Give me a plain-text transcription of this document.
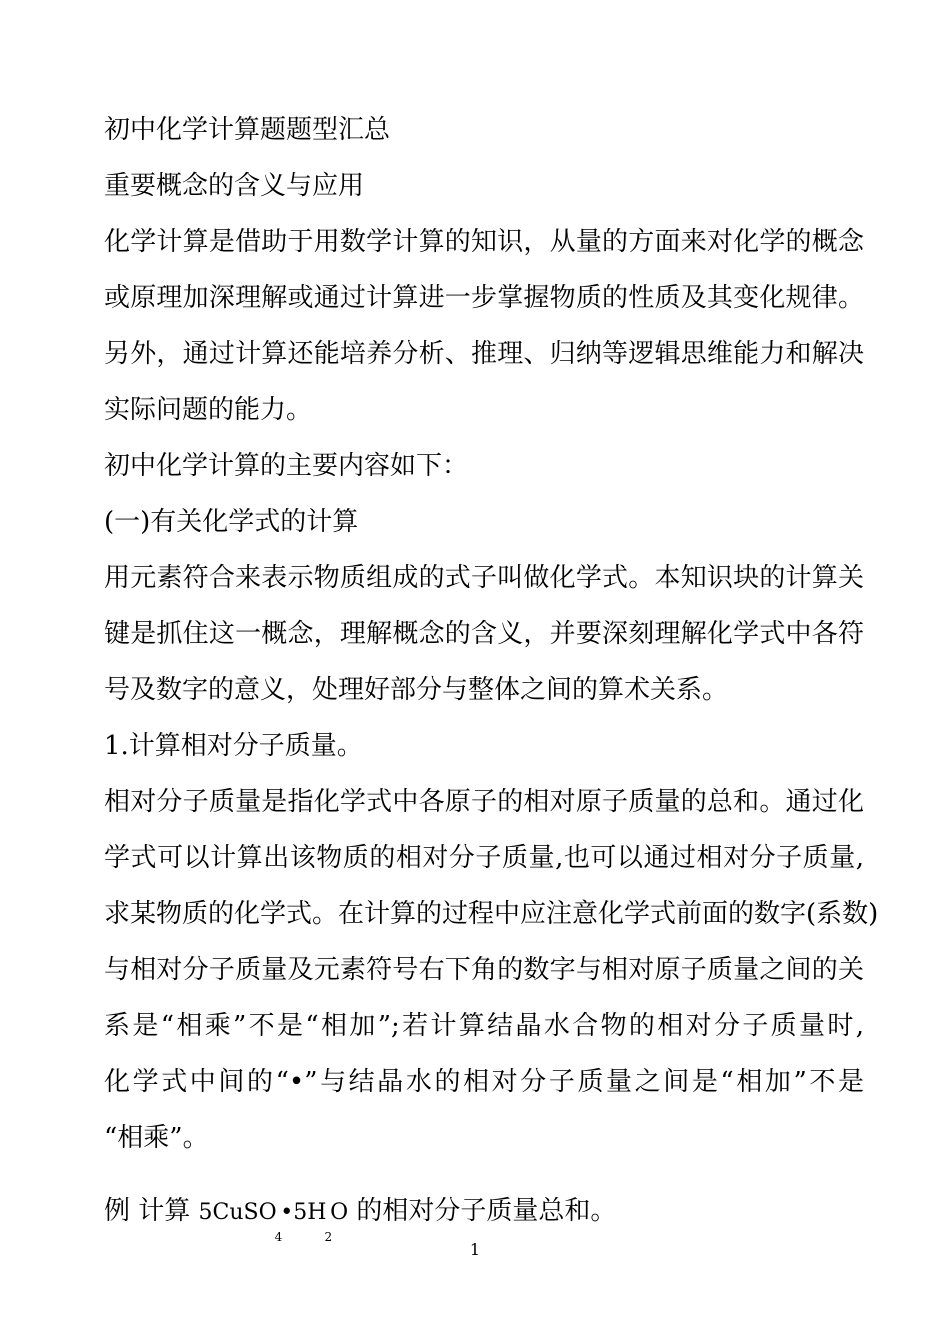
初中化学计算题题型汇总
重要概念的含义与应用
化学计算是借助于用数学计算的知识，从量的方面来对化学的概念
或原理加深理解或通过计算进一步掌握物质的性质及其变化规律。
另外，通过计算还能培养分析、推理、归纳等逻辑思维能力和解决
实际问题的能力。
初中化学计算的主要内容如下：
(一)有关化学式的计算
用元素符合来表示物质组成的式子叫做化学式。本知识块的计算关
键是抓住这一概念，理解概念的含义，并要深刻理解化学式中各符
号及数字的意义，处理好部分与整体之间的算术关系。
1.计算相对分子质量。
相对分子质量是指化学式中各原子的相对原子质量的总和。通过化
学式可以计算出该物质的相对分子质量,也可以通过相对分子质量,
求某物质的化学式。在计算的过程中应注意化学式前面的数字(系数)
与相对分子质量及元素符号右下角的数字与相对原子质量之间的关
系是“相乘”不是“相加”;若计算结晶水合物的相对分子质量时,
化学式中间的“•”与结晶水的相对分子质量之间是“相加”不是
“相乘”。
例 计算 5CuSO4•5H2O 的相对分子质量总和。
1
